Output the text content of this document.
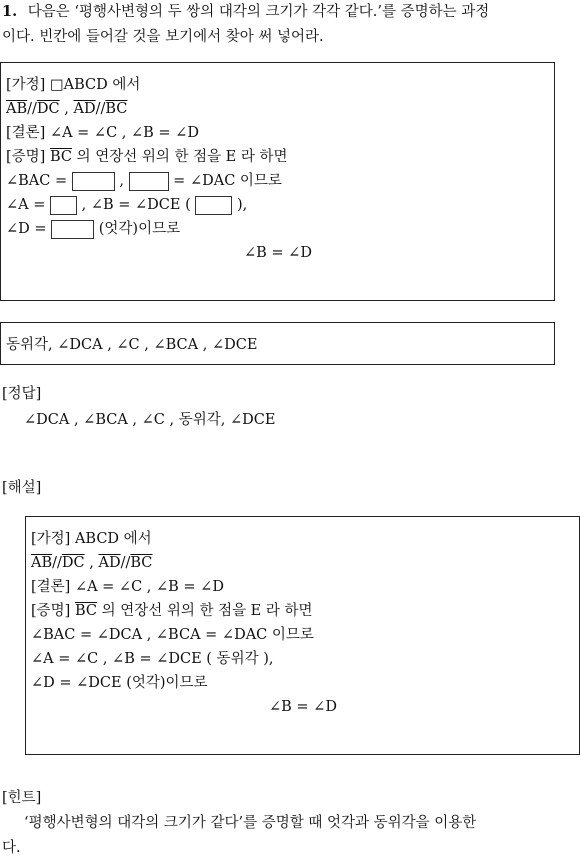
1. 다음은 ‘평행사변형의 두 쌍의 대각의 크기가 각각 같다.’를 증명하는 과정
이다. 빈칸에 들어갈 것을 보기에서 찾아 써 넣어라.
[가정] □ABCD 에서
$\overline{AB}//\overline{DC}$ , $\overline{AD}//\overline{BC}$
[결론] ∠A = ∠C , ∠B = ∠D
[증명] $\overline{BC}$ 의 연장선 위의 한 점을 E 라 하면
∠BAC =	,	= ∠DAC 이므로
∠A =  , ∠B = ∠DCE (	),
∠D =	(엇각)이므로
∠B = ∠D
동위각, ∠DCA , ∠C , ∠BCA , ∠DCE
[정답]
∠DCA , ∠BCA , ∠C , 동위각, ∠DCE
[해설]
[가정] ABCD 에서
$\overline{AB}//\overline{DC}$ , $\overline{AD}//\overline{BC}$
[결론] ∠A = ∠C , ∠B = ∠D
[증명] $\overline{BC}$ 의 연장선 위의 한 점을 E 라 하면
∠BAC = ∠DCA , ∠BCA = ∠DAC 이므로
∠A = ∠C , ∠B = ∠DCE ( 동위각 ),
∠D = ∠DCE (엇각)이므로
∠B = ∠D
[힌트]
‘평행사변형의 대각의 크기가 같다’를 증명할 때 엇각과 동위각을 이용한
다.
